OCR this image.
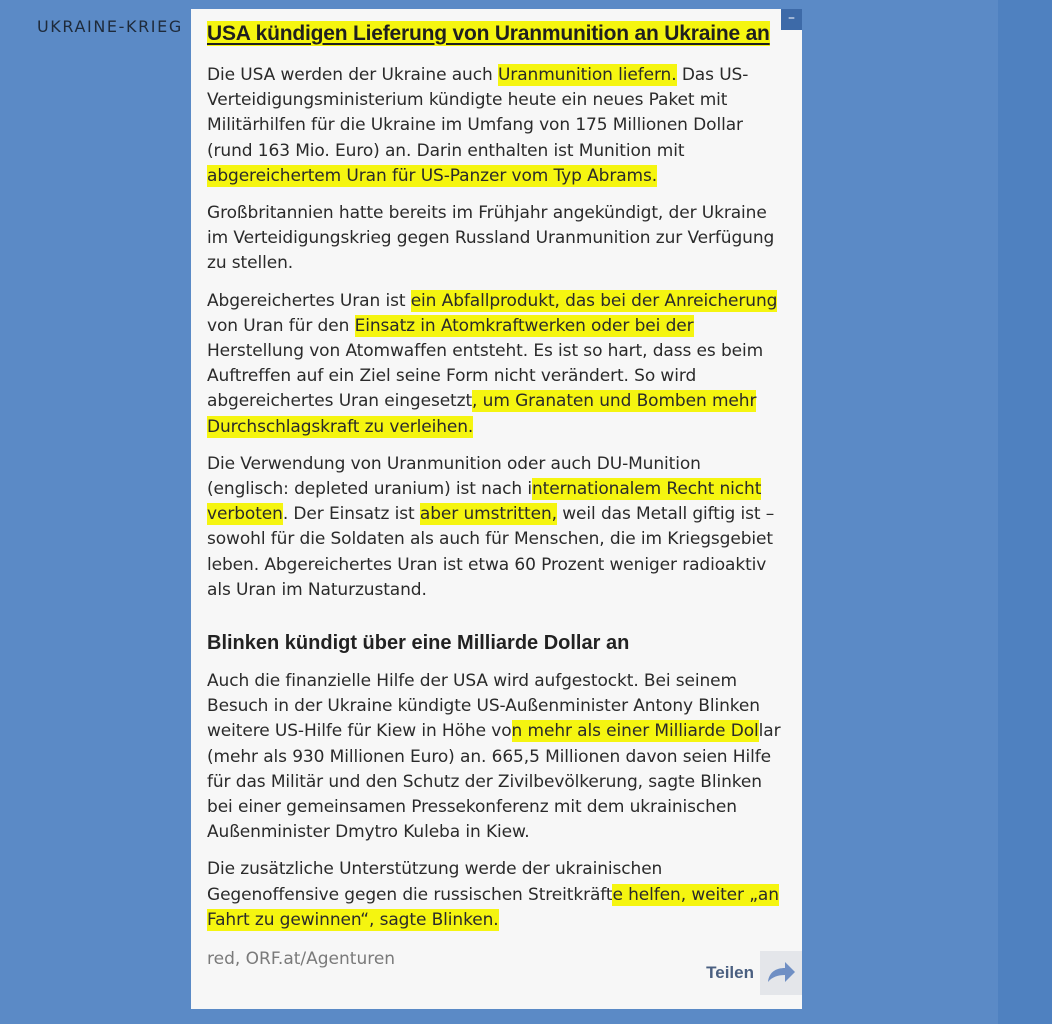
UKRAINE-KRIEG	–
USA kündigen Lieferung von Uranmunition an Ukraine an

Die USA werden der Ukraine auch Uranmunition liefern. Das US-Verteidigungsministerium kündigte heute ein neues Paket mit Militärhilfen für die Ukraine im Umfang von 175 Millionen Dollar (rund 163 Mio. Euro) an. Darin enthalten ist Munition mit abgereichertem Uran für US-Panzer vom Typ Abrams.

Großbritannien hatte bereits im Frühjahr angekündigt, der Ukraine im Verteidigungskrieg gegen Russland Uranmunition zur Verfügung zu stellen.

Abgereichertes Uran ist ein Abfallprodukt, das bei der Anreicherung von Uran für den Einsatz in Atomkraftwerken oder bei der Herstellung von Atomwaffen entsteht. Es ist so hart, dass es beim Auftreffen auf ein Ziel seine Form nicht verändert. So wird abgereichertes Uran eingesetzt, um Granaten und Bomben mehr Durchschlagskraft zu verleihen.

Die Verwendung von Uranmunition oder auch DU-Munition (englisch: depleted uranium) ist nach internationalem Recht nicht verboten. Der Einsatz ist aber umstritten, weil das Metall giftig ist – sowohl für die Soldaten als auch für Menschen, die im Kriegsgebiet leben. Abgereichertes Uran ist etwa 60 Prozent weniger radioaktiv als Uran im Naturzustand.

Blinken kündigt über eine Milliarde Dollar an

Auch die finanzielle Hilfe der USA wird aufgestockt. Bei seinem Besuch in der Ukraine kündigte US-Außenminister Antony Blinken weitere US-Hilfe für Kiew in Höhe von mehr als einer Milliarde Dollar (mehr als 930 Millionen Euro) an. 665,5 Millionen davon seien Hilfe für das Militär und den Schutz der Zivilbevölkerung, sagte Blinken bei einer gemeinsamen Pressekonferenz mit dem ukrainischen Außenminister Dmytro Kuleba in Kiew.

Die zusätzliche Unterstützung werde der ukrainischen Gegenoffensive gegen die russischen Streitkräfte helfen, weiter „an Fahrt zu gewinnen“, sagte Blinken.

red, ORF.at/Agenturen
Teilen
